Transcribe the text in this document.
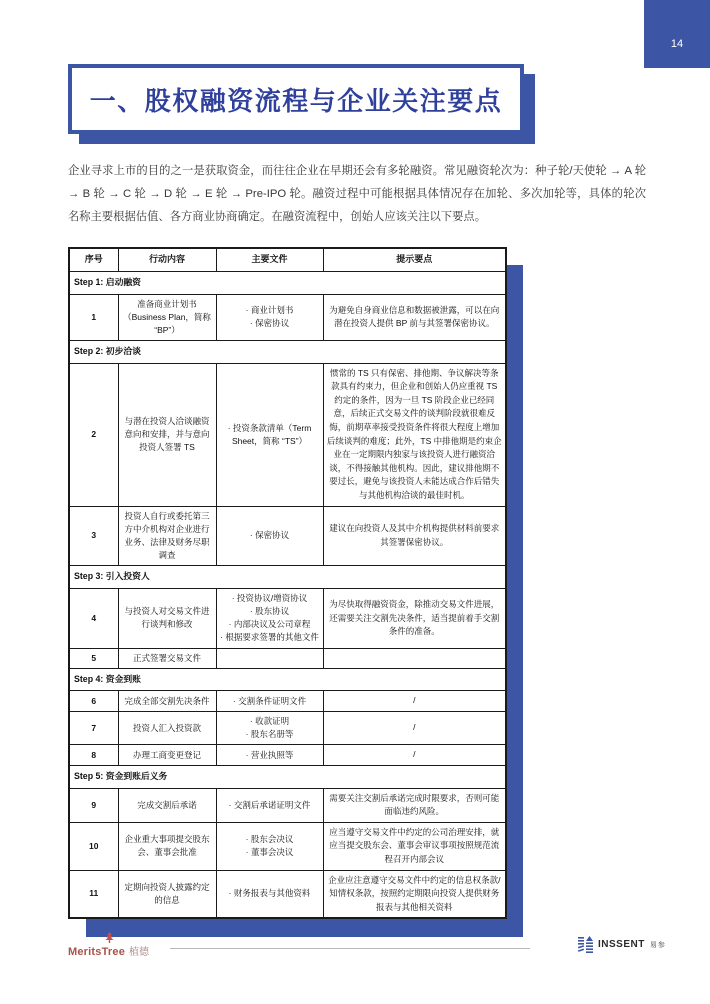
14
一、股权融资流程与企业关注要点

企业寻求上市的目的之一是获取资金，而往往企业在早期还会有多轮融资。常见融资轮次为：种子轮/天使轮 → A 轮 → B 轮 → C 轮 → D 轮 → E 轮 → Pre-IPO 轮。融资过程中可能根据具体情况存在加轮、多次加轮等，具体的轮次名称主要根据估值、各方商业协商确定。在融资流程中，创始人应该关注以下要点。

序号	行动内容	主要文件	提示要点
Step 1: 启动融资			
1	准备商业计划书（Business Plan，简称 “BP”）	· 商业计划书
· 保密协议	为避免自身商业信息和数据被泄露，可以在向潜在投资人提供 BP 前与其签署保密协议。
Step 2: 初步洽谈			
2	与潜在投资人洽谈融资意向和安排，并与意向投资人签署 TS	· 投资条款清单（Term Sheet，简称 “TS”）	惯常的 TS 只有保密、排他期、争议解决等条款具有约束力，但企业和创始人仍应重视 TS 约定的条件，因为一旦 TS 阶段企业已经同意，后续正式交易文件的谈判阶段就很难反悔，前期草率接受投资条件将很大程度上增加后续谈判的难度；此外，TS 中排他期是约束企业在一定期限内独家与该投资人进行融资洽谈，不得接触其他机构。因此，建议排他期不要过长，避免与该投资人未能达成合作后错失与其他机构洽谈的最佳时机。
3	投资人自行或委托第三方中介机构对企业进行业务、法律及财务尽职调查	· 保密协议	建议在向投资人及其中介机构提供材料前要求其签署保密协议。
Step 3: 引入投资人			
4	与投资人对交易文件进行谈判和修改	· 投资协议/增资协议
· 股东协议
· 内部决议及公司章程
· 根据要求签署的其他文件	为尽快取得融资资金，除推动交易文件进展，还需要关注交割先决条件，适当提前着手交割条件的准备。
5	正式签署交易文件		
Step 4: 资金到账			
6	完成全部交割先决条件	· 交割条件证明文件	/
7	投资人汇入投资款	· 收款证明
· 股东名册等	/
8	办理工商变更登记	· 营业执照等	/
Step 5: 资金到账后义务			
9	完成交割后承诺	· 交割后承诺证明文件	需要关注交割后承诺完成时限要求，否则可能面临违约风险。
10	企业重大事项提交股东会、董事会批准	· 股东会决议
· 董事会决议	应当遵守交易文件中约定的公司治理安排，就应当提交股东会、董事会审议事项按照规范流程召开内部会议
11	定期向投资人披露约定的信息	· 财务报表与其他资料	企业应注意遵守交易文件中约定的信息权条款/知情权条款，按照约定期限向投资人提供财务报表与其他相关资料
MeritsTree 植德
INSSENT 易参
